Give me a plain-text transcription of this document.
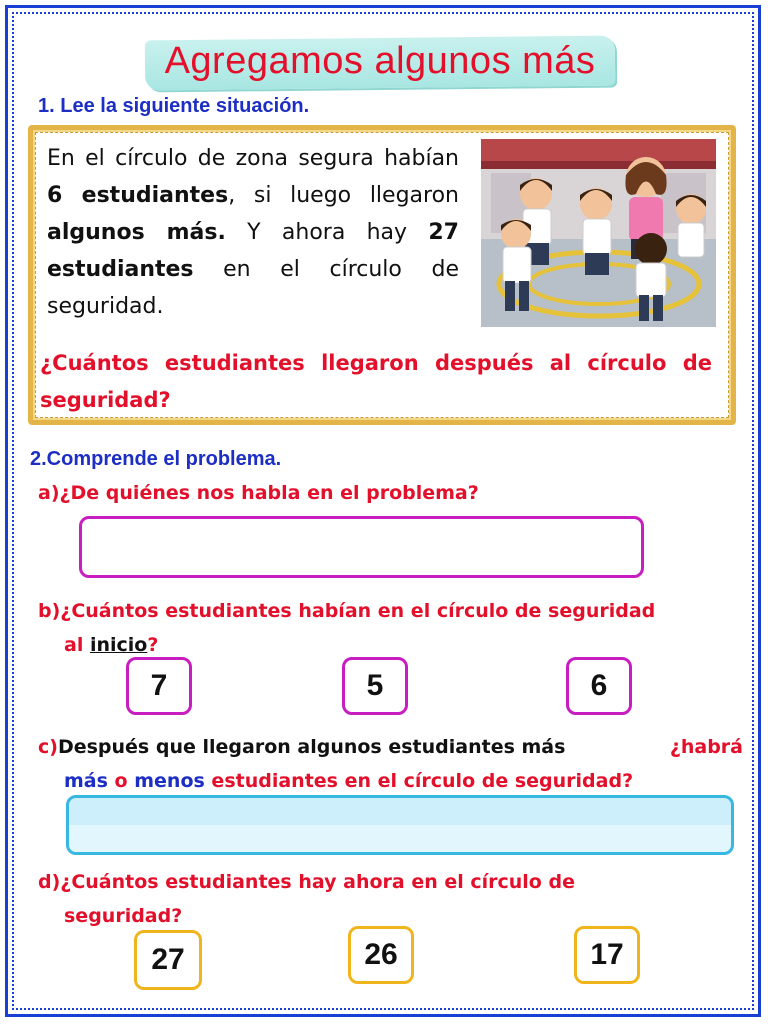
Agregamos algunos más
1. Lee la siguiente situación.
En el círculo de zona segura habían 6 estudiantes, si luego llegaron algunos más. Y ahora hay 27 estudiantes en el círculo de seguridad.
¿Cuántos estudiantes llegaron después al círculo de seguridad?
2.Comprende el problema.
a)¿De quiénes nos habla en el problema?
b)¿Cuántos estudiantes habían en el círculo de seguridad
al inicio?
7	5	6
c)Después que llegaron algunos estudiantes más	¿habrá
más o menos estudiantes en el círculo de seguridad?
d)¿Cuántos estudiantes hay ahora en el círculo de
seguridad?
27	26	17
